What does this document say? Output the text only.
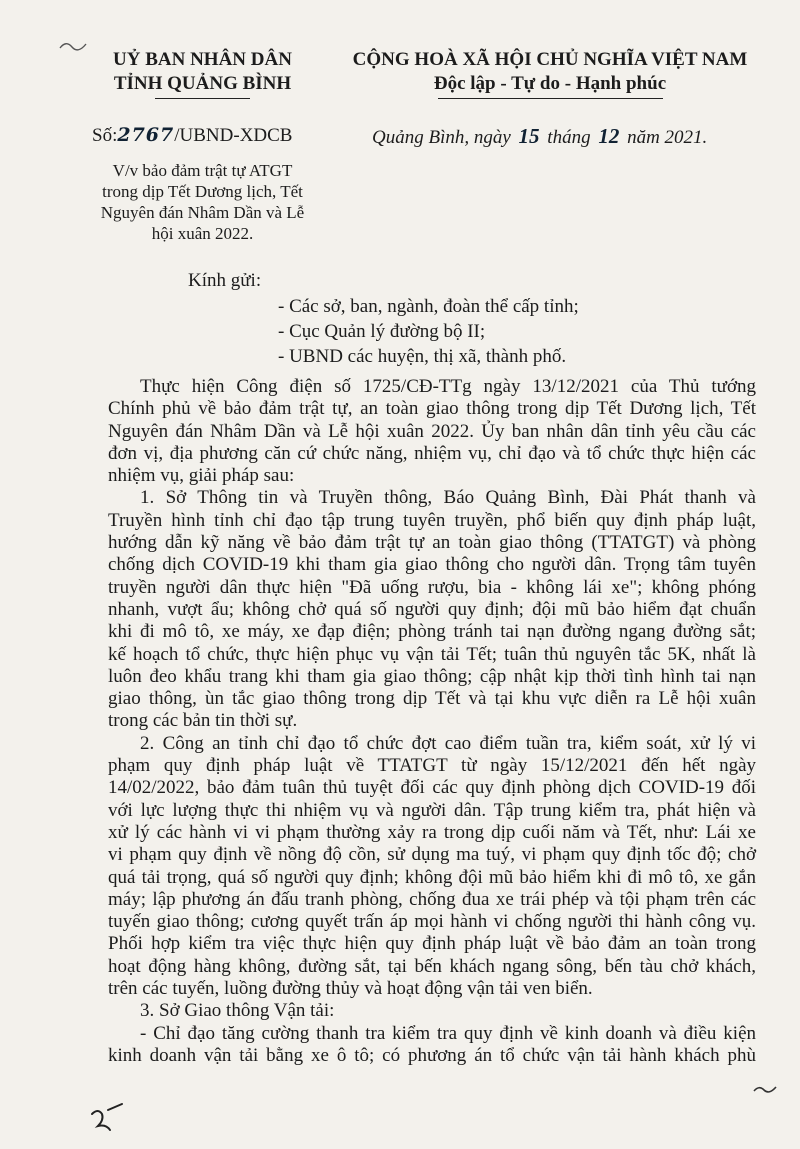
UỶ BAN NHÂN DÂN
TỈNH QUẢNG BÌNH
CỘNG HOÀ XÃ HỘI CHỦ NGHĨA VIỆT NAM
Độc lập - Tự do - Hạnh phúc
Số:2767/UBND-XDCB	Quảng Bình, ngày 15 tháng 12 năm 2021.
V/v bảo đảm trật tự ATGT
trong dịp Tết Dương lịch, Tết
Nguyên đán Nhâm Dần và Lễ
hội xuân 2022.
Kính gửi:
- Các sở, ban, ngành, đoàn thể cấp tỉnh;
- Cục Quản lý đường bộ II;
- UBND các huyện, thị xã, thành phố.
Thực hiện Công điện số 1725/CĐ-TTg ngày 13/12/2021 của Thủ tướng
Chính phủ về bảo đảm trật tự, an toàn giao thông trong dịp Tết Dương lịch, Tết
Nguyên đán Nhâm Dần và Lễ hội xuân 2022. Ủy ban nhân dân tỉnh yêu cầu các
đơn vị, địa phương căn cứ chức năng, nhiệm vụ, chỉ đạo và tổ chức thực hiện các
nhiệm vụ, giải pháp sau:
1. Sở Thông tin và Truyền thông, Báo Quảng Bình, Đài Phát thanh và
Truyền hình tỉnh chỉ đạo tập trung tuyên truyền, phổ biến quy định pháp luật,
hướng dẫn kỹ năng về bảo đảm trật tự an toàn giao thông (TTATGT) và phòng
chống dịch COVID-19 khi tham gia giao thông cho người dân. Trọng tâm tuyên
truyền người dân thực hiện "Đã uống rượu, bia - không lái xe"; không phóng
nhanh, vượt ẩu; không chở quá số người quy định; đội mũ bảo hiểm đạt chuẩn
khi đi mô tô, xe máy, xe đạp điện; phòng tránh tai nạn đường ngang đường sắt;
kế hoạch tổ chức, thực hiện phục vụ vận tải Tết; tuân thủ nguyên tắc 5K, nhất là
luôn đeo khẩu trang khi tham gia giao thông; cập nhật kịp thời tình hình tai nạn
giao thông, ùn tắc giao thông trong dịp Tết và tại khu vực diễn ra Lễ hội xuân
trong các bản tin thời sự.
2. Công an tỉnh chỉ đạo tổ chức đợt cao điểm tuần tra, kiểm soát, xử lý vi
phạm quy định pháp luật về TTATGT từ ngày 15/12/2021 đến hết ngày
14/02/2022, bảo đảm tuân thủ tuyệt đối các quy định phòng dịch COVID-19 đối
với lực lượng thực thi nhiệm vụ và người dân. Tập trung kiểm tra, phát hiện và
xử lý các hành vi vi phạm thường xảy ra trong dịp cuối năm và Tết, như: Lái xe
vi phạm quy định về nồng độ cồn, sử dụng ma tuý, vi phạm quy định tốc độ; chở
quá tải trọng, quá số người quy định; không đội mũ bảo hiểm khi đi mô tô, xe gắn
máy; lập phương án đấu tranh phòng, chống đua xe trái phép và tội phạm trên các
tuyến giao thông; cương quyết trấn áp mọi hành vi chống người thi hành công vụ.
Phối hợp kiểm tra việc thực hiện quy định pháp luật về bảo đảm an toàn trong
hoạt động hàng không, đường sắt, tại bến khách ngang sông, bến tàu chở khách,
trên các tuyến, luồng đường thủy và hoạt động vận tải ven biển.
3. Sở Giao thông Vận tải:
- Chỉ đạo tăng cường thanh tra kiểm tra quy định về kinh doanh và điều kiện
kinh doanh vận tải bằng xe ô tô; có phương án tổ chức vận tải hành khách phù
